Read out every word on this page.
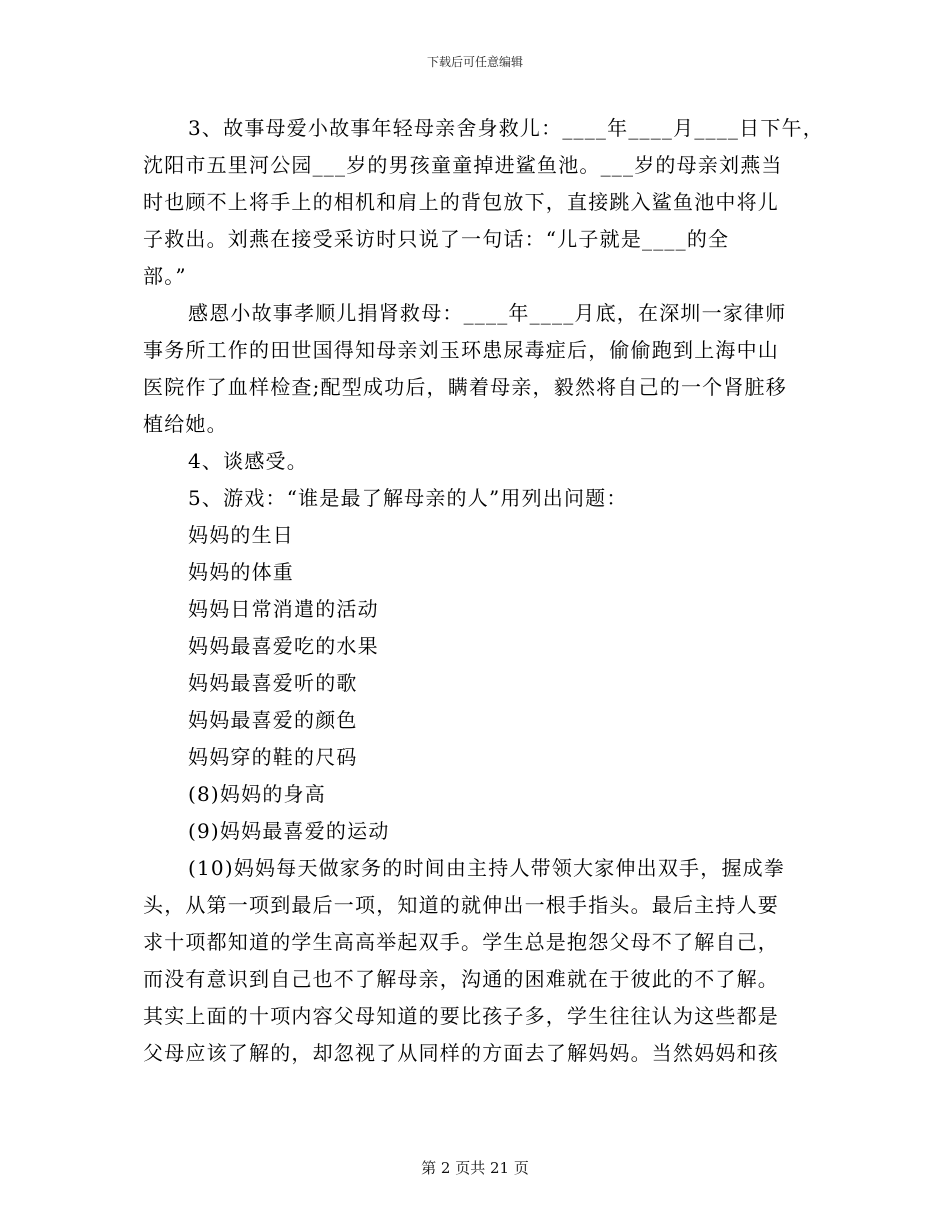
下载后可任意编辑
3、故事母爱小故事年轻母亲舍身救儿：____年____月____日下午，
沈阳市五里河公园___岁的男孩童童掉进鲨鱼池。___岁的母亲刘燕当
时也顾不上将手上的相机和肩上的背包放下，直接跳入鲨鱼池中将儿
子救出。刘燕在接受采访时只说了一句话：“儿子就是____的全
部。”
感恩小故事孝顺儿捐肾救母：____年____月底，在深圳一家律师
事务所工作的田世国得知母亲刘玉环患尿毒症后，偷偷跑到上海中山
医院作了血样检查;配型成功后，瞒着母亲，毅然将自己的一个肾脏移
植给她。
4、谈感受。
5、游戏：“谁是最了解母亲的人”用列出问题：
妈妈的生日
妈妈的体重
妈妈日常消遣的活动
妈妈最喜爱吃的水果
妈妈最喜爱听的歌
妈妈最喜爱的颜色
妈妈穿的鞋的尺码
(8)妈妈的身高
(9)妈妈最喜爱的运动
(10)妈妈每天做家务的时间由主持人带领大家伸出双手，握成拳
头，从第一项到最后一项，知道的就伸出一根手指头。最后主持人要
求十项都知道的学生高高举起双手。学生总是抱怨父母不了解自己，
而没有意识到自己也不了解母亲，沟通的困难就在于彼此的不了解。
其实上面的十项内容父母知道的要比孩子多，学生往往认为这些都是
父母应该了解的，却忽视了从同样的方面去了解妈妈。当然妈妈和孩
第 2 页共 21 页
